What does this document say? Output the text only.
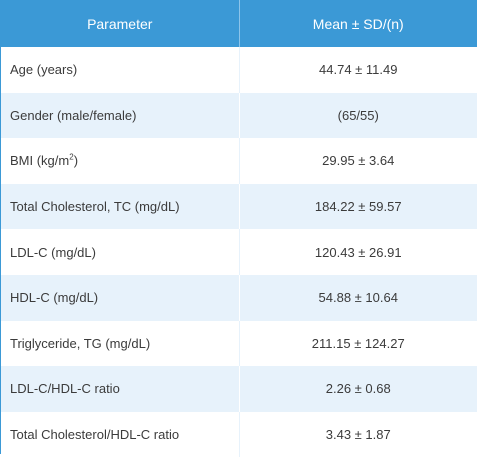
Parameter	Mean ± SD/(n)
Age (years)	44.74 ± 11.49
Gender (male/female)	(65/55)
BMI $(kg/m^2)$	29.95 ± 3.64
Total Cholesterol, TC (mg/dL)	184.22 ± 59.57
LDL-C (mg/dL)	120.43 ± 26.91
HDL-C (mg/dL)	54.88 ± 10.64
Triglyceride, TG (mg/dL)	211.15 ± 124.27
LDL-C/HDL-C ratio	2.26 ± 0.68
Total Cholesterol/HDL-C ratio	3.43 ± 1.87
